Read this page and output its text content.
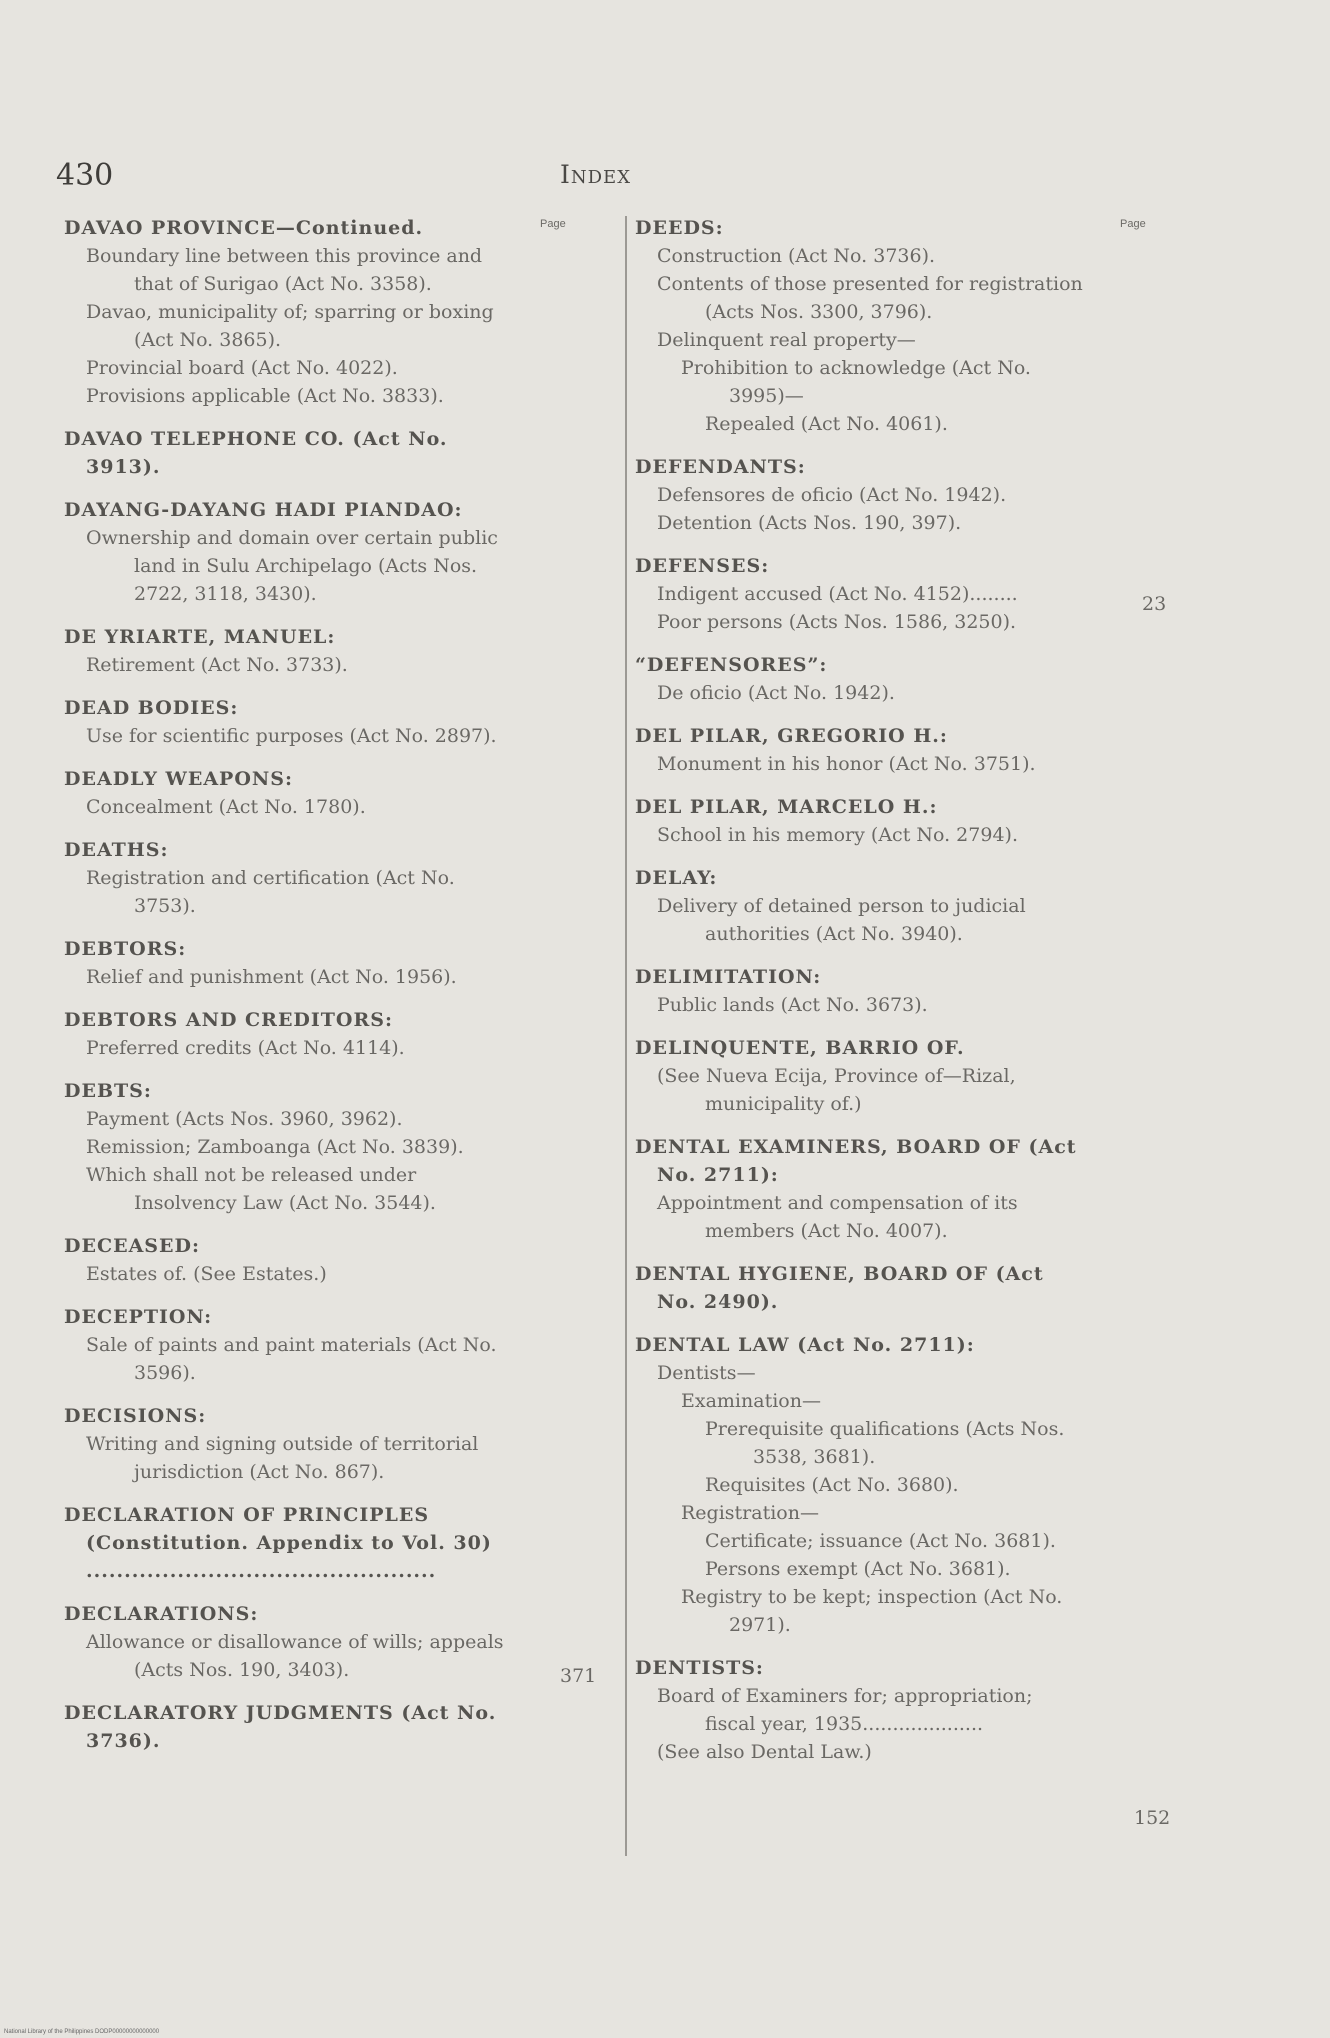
430	Index
Page	Page
DAVAO PROVINCE—Continued.
Boundary line between this province and that of Surigao (Act No. 3358).
Davao, municipality of; sparring or boxing (Act No. 3865).
Provincial board (Act No. 4022).
Provisions applicable (Act No. 3833).
DAVAO TELEPHONE CO. (Act No. 3913).
DAYANG-DAYANG HADI PIANDAO:
Ownership and domain over certain public land in Sulu Archipelago (Acts Nos. 2722, 3118, 3430).
DE YRIARTE, MANUEL:
Retirement (Act No. 3733).
DEAD BODIES:
Use for scientific purposes (Act No. 2897).
DEADLY WEAPONS:
Concealment (Act No. 1780).
DEATHS:
Registration and certification (Act No. 3753).
DEBTORS:
Relief and punishment (Act No. 1956).
DEBTORS AND CREDITORS:
Preferred credits (Act No. 4114).
DEBTS:
Payment (Acts Nos. 3960, 3962).
Remission; Zamboanga (Act No. 3839).
Which shall not be released under Insolvency Law (Act No. 3544).
DECEASED:
Estates of. (See Estates.)
DECEPTION:
Sale of paints and paint materials (Act No. 3596).
DECISIONS:
Writing and signing outside of territorial jurisdiction (Act No. 867).
DECLARATION OF PRINCIPLES (Constitution. Appendix to Vol. 30) ..............................................
DECLARATIONS:
Allowance or disallowance of wills; appeals (Acts Nos. 190, 3403).
DECLARATORY JUDGMENTS (Act No. 3736).
DEEDS:
Construction (Act No. 3736).
Contents of those presented for registration (Acts Nos. 3300, 3796).
Delinquent real property—
Prohibition to acknowledge (Act No. 3995)—
Repealed (Act No. 4061).
DEFENDANTS:
Defensores de oficio (Act No. 1942).
Detention (Acts Nos. 190, 397).
DEFENSES:
Indigent accused (Act No. 4152)........
Poor persons (Acts Nos. 1586, 3250).
“DEFENSORES”:
De oficio (Act No. 1942).
DEL PILAR, GREGORIO H.:
Monument in his honor (Act No. 3751).
DEL PILAR, MARCELO H.:
School in his memory (Act No. 2794).
DELAY:
Delivery of detained person to judicial authorities (Act No. 3940).
DELIMITATION:
Public lands (Act No. 3673).
DELINQUENTE, BARRIO OF.
(See Nueva Ecija, Province of—Rizal, municipality of.)
DENTAL EXAMINERS, BOARD OF (Act No. 2711):
Appointment and compensation of its members (Act No. 4007).
DENTAL HYGIENE, BOARD OF (Act No. 2490).
DENTAL LAW (Act No. 2711):
Dentists—
Examination—
Prerequisite qualifications (Acts Nos. 3538, 3681).
Requisites (Act No. 3680).
Registration—
Certificate; issuance (Act No. 3681).
Persons exempt (Act No. 3681).
Registry to be kept; inspection (Act No. 2971).
DENTISTS:
Board of Examiners for; appropriation; fiscal year, 1935....................
(See also Dental Law.)
371
23
152
National Library of the Philippines DODP00000000000000
